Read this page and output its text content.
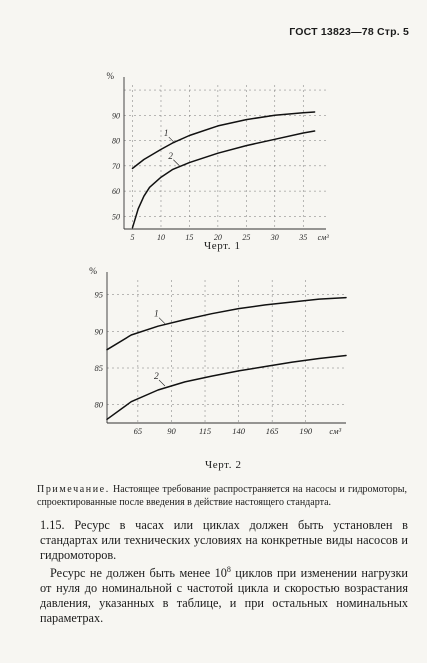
ГОСТ 13823—78 Стр. 5
50
60
70
80
90
5	10	15	20	25	30	35 см³
1
2
%
Черт. 1
80
85
90
95
65	90	115 140 165 190 см³
1
2
%
Черт. 2
Примечание. Настоящее требование распространяется на насосы и гидромоторы, спроектированные после введения в действие настоящего стандарта.
1.15. Ресурс в часах или циклах должен быть установлен в стандартах или технических условиях на конкретные виды насосов и гидромоторов.
Ресурс не должен быть менее $10^8$ циклов при изменении нагрузки от нуля до номинальной с частотой цикла и скоростью возрастания давления, указанных в таблице, и при остальных номинальных параметрах.
